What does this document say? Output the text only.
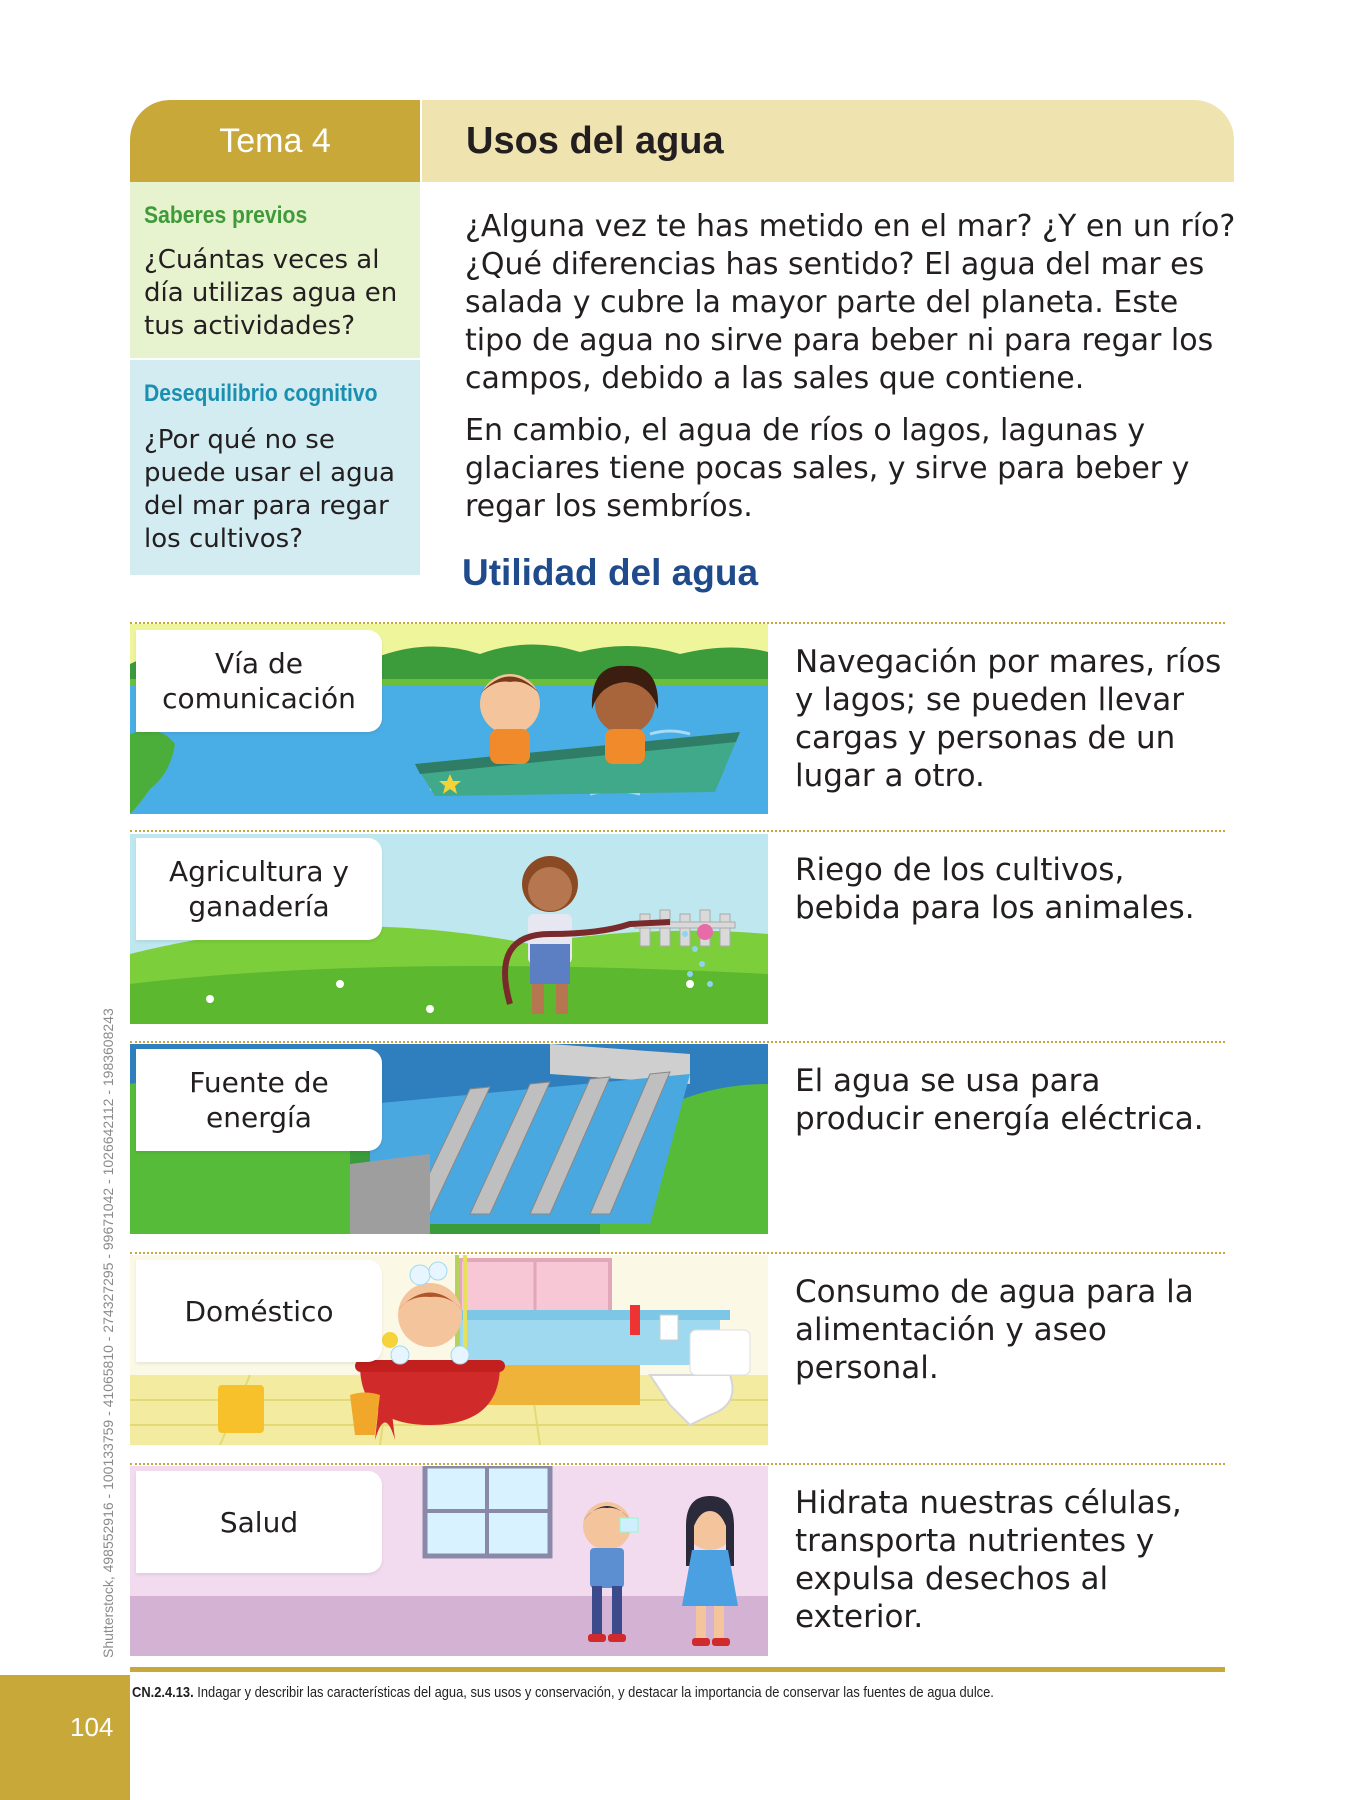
Tema 4	Usos del agua
Saberes previos
¿Cuántas veces al día utilizas agua en tus actividades?
Desequilibrio cognitivo
¿Por qué no se puede usar el agua del mar para regar los cultivos?
¿Alguna vez te has metido en el mar? ¿Y en un río? ¿Qué diferencias has sentido? El agua del mar es salada y cubre la mayor parte del planeta. Este tipo de agua no sirve para beber ni para regar los campos, debido a las sales que contiene.
En cambio, el agua de ríos o lagos, lagunas y glaciares tiene pocas sales, y sirve para beber y regar los sembríos.
Utilidad del agua
Vía de comunicación
Navegación por mares, ríos y lagos; se pueden llevar cargas y personas de un lugar a otro.
Agricultura y ganadería
Riego de los cultivos, bebida para los animales.
Fuente de energía
El agua se usa para producir energía eléctrica.
Doméstico
Consumo de agua para la alimentación y aseo personal.
Salud
Hidrata nuestras células, transporta nutrientes y expulsa desechos al exterior.
CN.2.4.13. Indagar y describir las características del agua, sus usos y conservación, y destacar la importancia de conservar las fuentes de agua dulce.
104
Shutterstock, 498552916 - 100133759 - 41065810 - 274327295 - 99671042 - 1026642112 - 1983608243
